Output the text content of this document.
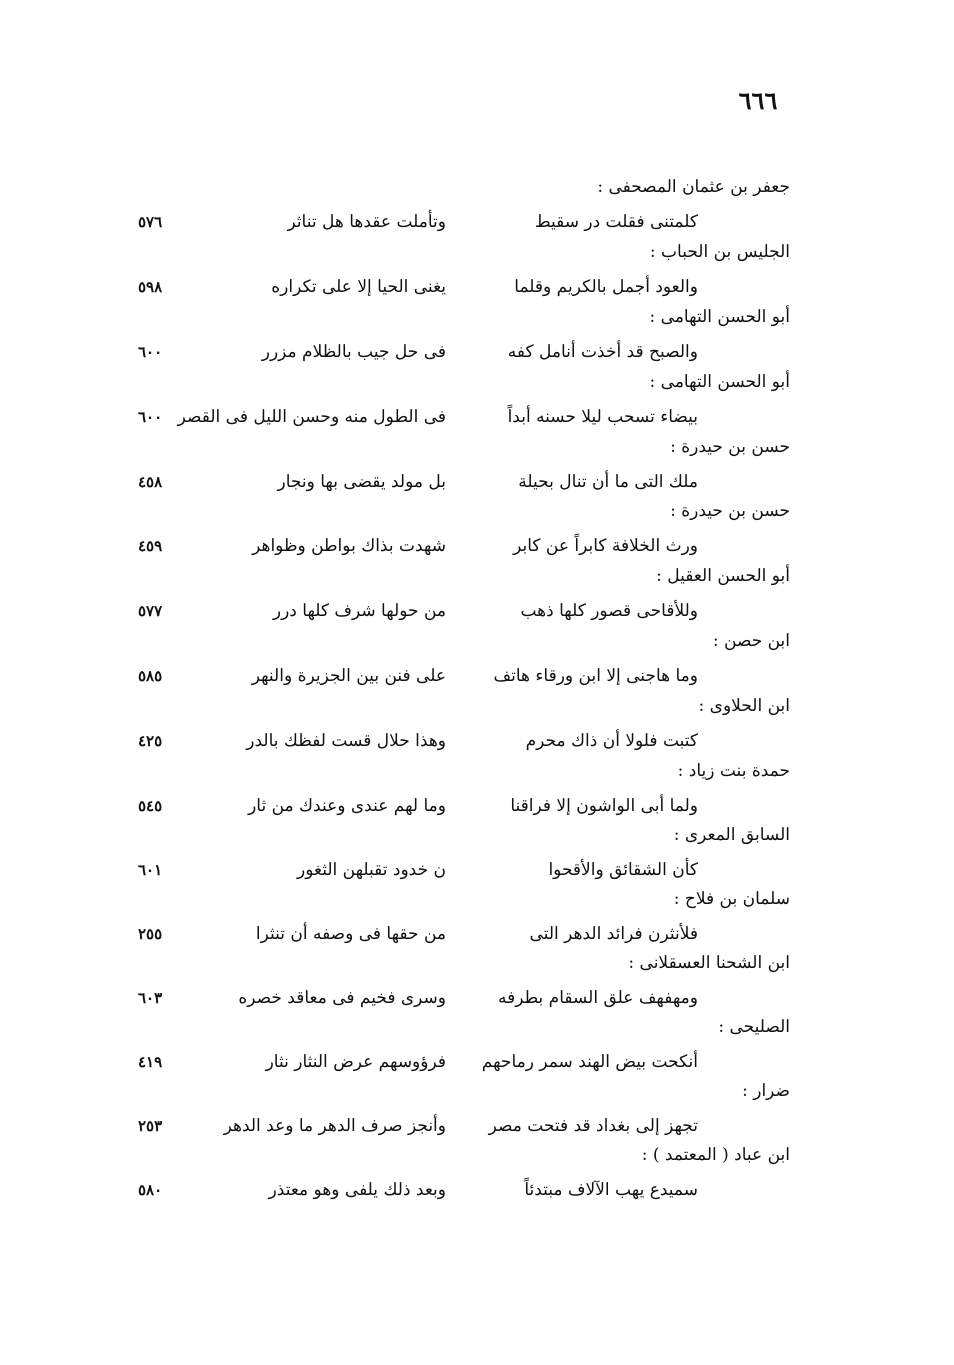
٦٦٦
جعفر بن عثمان المصحفى :
كلمتنى فقلت در سقيط
وتأملت عقدها هل تناثر
٥٧٦
الجليس بن الحباب :
والعود أجمل بالكريم وقلما
يغنى الحيا إلا على تكراره
٥٩٨
أبو الحسن التهامى :
والصبح قد أخذت أنامل كفه
فى حل جيب بالظلام مزرر
٦٠٠
أبو الحسن التهامى :
بيضاء تسحب ليلا حسنه أبداً
فى الطول منه وحسن الليل فى القصر
٦٠٠
حسن بن حيدرة :
ملك التى ما أن تنال بحيلة
بل مولد يقضى بها ونجار
٤٥٨
حسن بن حيدرة :
ورث الخلافة كابراً عن كابر
شهدت بذاك بواطن وظواهر
٤٥٩
أبو الحسن العقيل :
وللأقاحى قصور كلها ذهب
من حولها شرف كلها درر
٥٧٧
ابن حصن :
وما هاجنى إلا ابن ورقاء هاتف
على فنن بين الجزيرة والنهر
٥٨٥
ابن الحلاوى :
كتبت فلولا أن ذاك محرم
وهذا حلال قست لفظك بالدر
٤٢٥
حمدة بنت زياد :
ولما أبى الواشون إلا فراقنا
وما لهم عندى وعندك من ثار
٥٤٥
السابق المعرى :
كأن الشقائق والأقحوا
ن خدود تقبلهن الثغور
٦٠١
سلمان بن فلاح :
فلأنثرن فرائد الدهر التى
من حقها فى وصفه أن تنثرا
٢٥٥
ابن الشحنا العسقلانى :
ومهفهف علق السقام بطرفه
وسرى فخيم فى معاقد خصره
٦٠٣
الصليحى :
أنكحت بيض الهند سمر رماحهم
فرؤوسهم عرض النثار نثار
٤١٩
ضرار :
تجهز إلى بغداد قد فتحت مصر
وأنجز صرف الدهر ما وعد الدهر
٢٥٣
ابن عباد ( المعتمد ) :
سميدع يهب الآلاف مبتدئاً
وبعد ذلك يلفى وهو معتذر
٥٨٠
